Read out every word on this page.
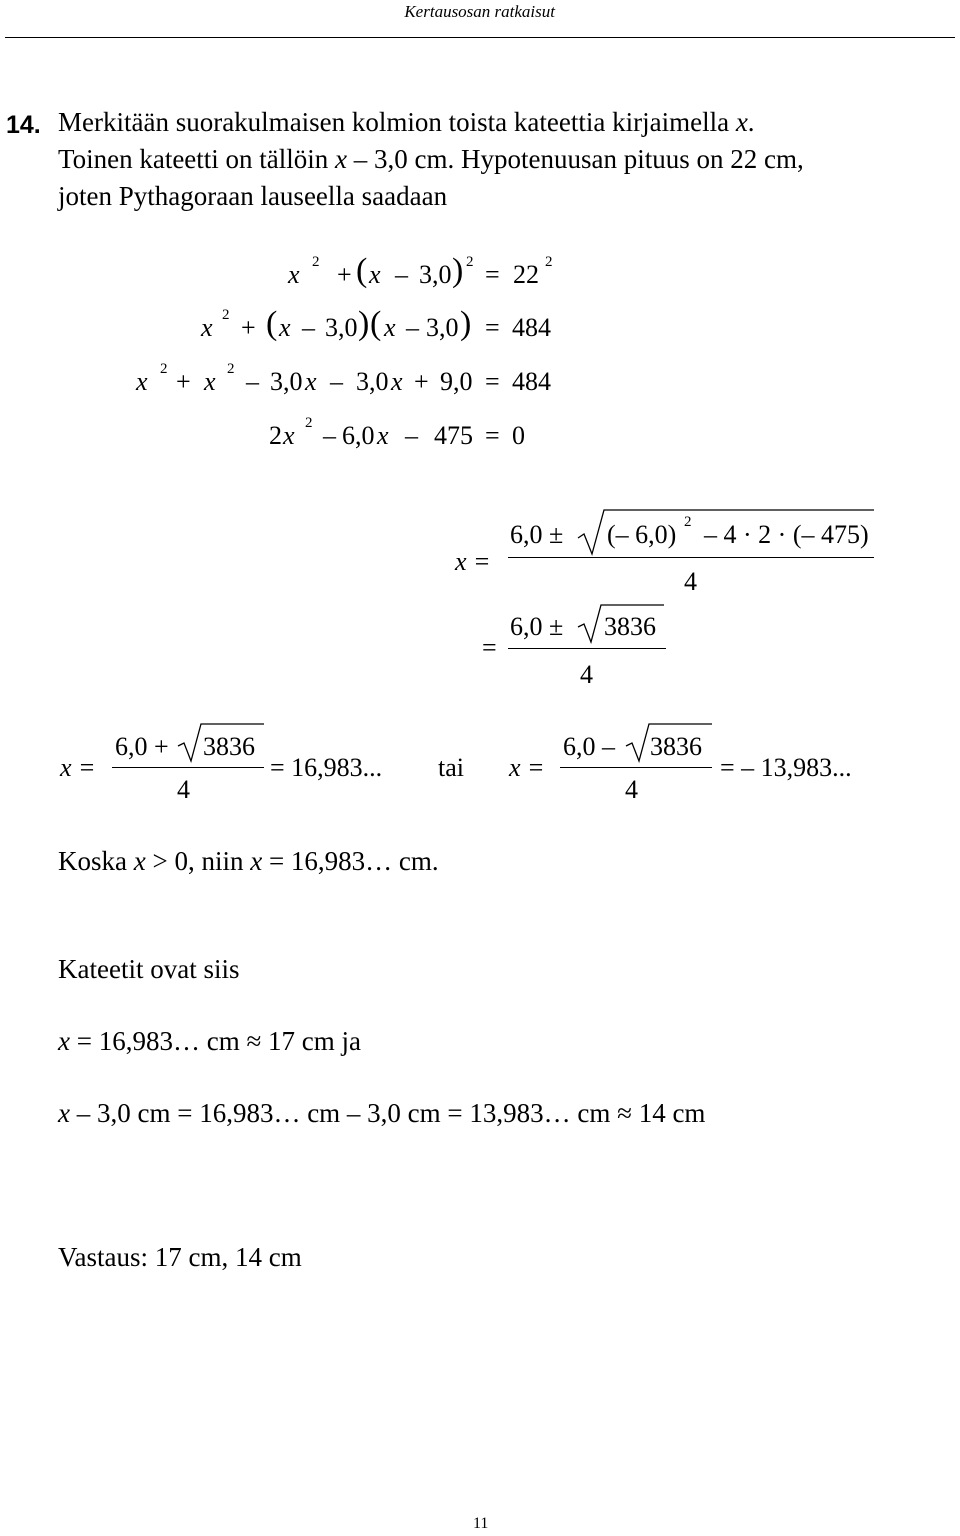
Kertausosan ratkaisut
14. Merkitään suorakulmaisen kolmion toista kateettia kirjaimella x.
Toinen kateetti on tällöin x – 3,0 cm. Hypotenuusan pituus on 22 cm,
joten Pythagoraan lauseella saadaan
x 2 + ( x – 3,0 ) 2 = 22 2
x 2 + ( x – 3,0 ) ( x – 3,0 ) = 484
x 2 + x 2 – 3,0 x – 3,0 x + 9,0 = 484
2 x 2 – 6,0 x – 475 = 0
x =
6,0 ± (– 6,0) 2 – 4 · 2 · (– 475)
4
=
6,0 ± 3836
4
x =
6,0 + 3836
4
= 16,983... tai x =
6,0 – 3836
4
= – 13,983...
Koska x > 0, niin x = 16,983… cm.
Kateetit ovat siis
x = 16,983… cm ≈ 17 cm ja
x – 3,0 cm = 16,983… cm – 3,0 cm = 13,983… cm ≈ 14 cm
Vastaus: 17 cm, 14 cm
11
